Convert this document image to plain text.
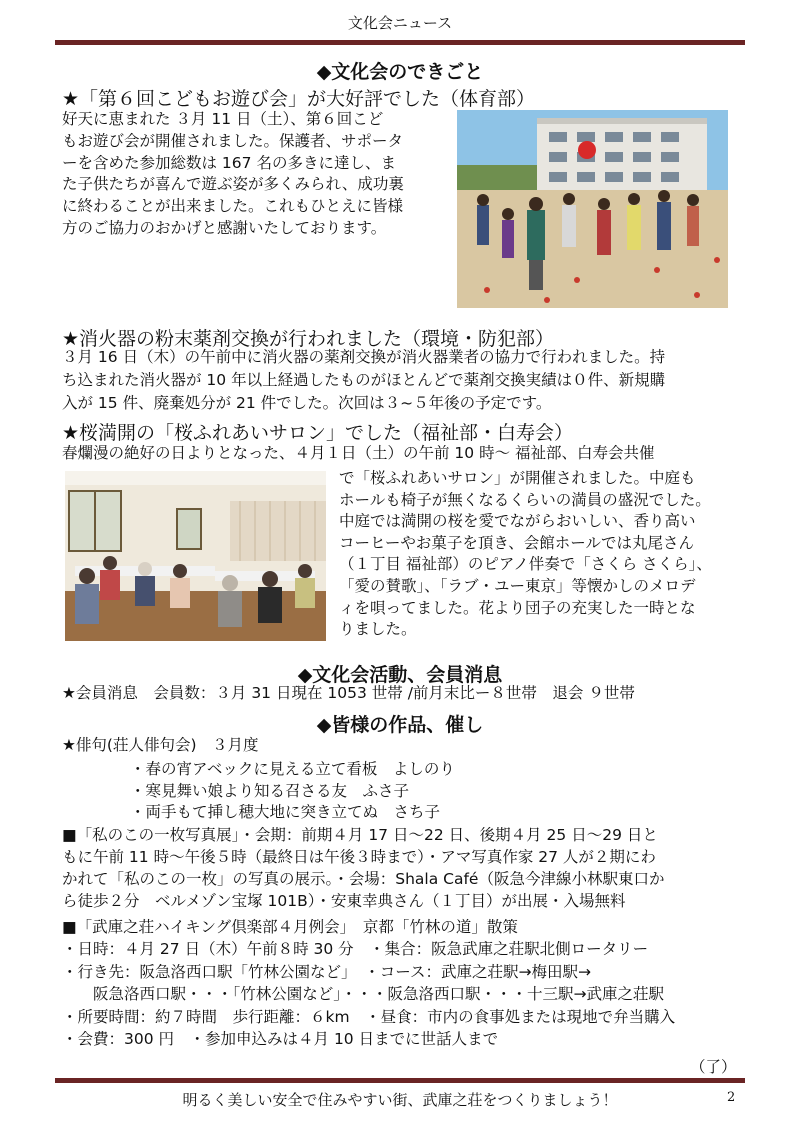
文化会ニュース
◆文化会のできごと
★「第６回こどもお遊び会」が大好評でした（体育部）
好天に恵まれた ３月 11 日（土）、第６回こど
もお遊び会が開催されました。保護者、サポータ
ーを含めた参加総数は 167 名の多きに達し、ま
た子供たちが喜んで遊ぶ姿が多くみられ、成功裏
に終わることが出来ました。これもひとえに皆様
方のご協力のおかげと感謝いたしております。
★消火器の粉末薬剤交換が行われました（環境・防犯部）
３月 16 日（木）の午前中に消火器の薬剤交換が消火器業者の協力で行われました。持
ち込まれた消火器が 10 年以上経過したものがほとんどで薬剤交換実績は０件、新規購
入が 15 件、廃棄処分が 21 件でした。次回は３~５年後の予定です。
★桜満開の「桜ふれあいサロン」でした（福祉部・白寿会）
春爛漫の絶好の日よりとなった、４月１日（土）の午前 10 時～ 福祉部、白寿会共催
で「桜ふれあいサロン」が開催されました。中庭も
ホールも椅子が無くなるくらいの満員の盛況でした。
中庭では満開の桜を愛でながらおいしい、香り高い
コーヒーやお菓子を頂き、会館ホールでは丸尾さん
（１丁目 福祉部）のピアノ伴奏で「さくら さくら」、
「愛の賛歌」、「ラブ・ユー東京」等懐かしのメロデ
ィを唄ってました。花より団子の充実した一時とな
りました。
◆文化会活動、会員消息
★会員消息　会員数：３月 31 日現在 1053 世帯 /前月末比ー８世帯　退会 ９世帯
◆皆様の作品、催し
★俳句(荘人俳句会)　３月度
・春の宵アベックに見える立て看板　よしのり
・寒見舞い娘より知る召さる友　ふさ子
・両手もて挿し穂大地に突き立てぬ　さち子
■「私のこの一枚写真展」・会期：前期４月 17 日～22 日、後期４月 25 日～29 日と
もに午前 11 時～午後５時（最終日は午後３時まで）・アマ写真作家 27 人が２期にわ
かれて「私のこの一枚」の写真の展示。・会場：Shala Café（阪急今津線小林駅東口か
ら徒歩２分　ベルメゾン宝塚 101B）・安東幸典さん（１丁目）が出展・入場無料
■「武庫之荘ハイキング倶楽部４月例会」　京都「竹林の道」散策
・日時：４月 27 日（木）午前８時 30 分　・集合：阪急武庫之荘駅北側ロータリー
・行き先：阪急洛西口駅「竹林公園など」　・コース：武庫之荘駅→梅田駅→
　　阪急洛西口駅・・・「竹林公園など」・・・阪急洛西口駅・・・十三駅→武庫之荘駅
・所要時間：約７時間　歩行距離：６km　・昼食：市内の食事処または現地で弁当購入
・会費：300 円　・参加申込みは４月 10 日までに世話人まで
（了）
明るく美しい安全で住みやすい街、武庫之荘をつくりましょう！	2
